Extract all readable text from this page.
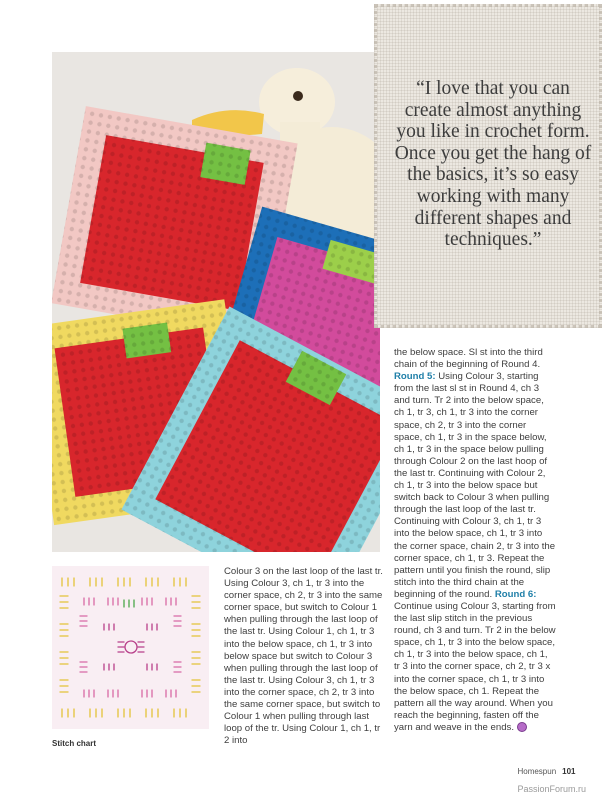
“I love that you can create almost anything you like in crochet form. Once you get the hang of the basics, it’s so easy working with many different shapes and techniques.”

the below space. Sl st into the third chain of the beginning of Round 4. Round 5: Using Colour 3, starting from the last sl st in Round 4, ch 3 and turn. Tr 2 into the below space, ch 1, tr 3, ch 1, tr 3 into the corner space, ch 2, tr 3 into the corner space, ch 1, tr 3 in the space below, ch 1, tr 3 in the space below pulling through Colour 2 on the last hoop of the last tr. Continuing with Colour 2, ch 1, tr 3 into the below space but switch back to Colour 3 when pulling through the last loop of the last tr. Continuing with Colour 3, ch 1, tr 3 into the below space, ch 1, tr 3 into the corner space, chain 2, tr 3 into the corner space, ch 1, tr 3. Repeat the pattern until you finish the round, slip stitch into the third chain at the beginning of the round. Round 6: Continue using Colour 3, starting from the last slip stitch in the previous round, ch 3 and turn. Tr 2 in the below space, ch 1, tr 3 into the below space, ch 1, tr 3 into the below space, ch 1, tr 3 into the corner space, ch 2, tr 3 x into the corner space, ch 1, tr 3 into the below space, ch 1. Repeat the pattern all the way around. When you reach the beginning, fasten off the yarn and weave in the ends.

Stitch chart

Colour 3 on the last loop of the last tr. Using Colour 3, ch 1, tr 3 into the corner space, ch 2, tr 3 into the same corner space, but switch to Colour 1 when pulling through the last loop of the last tr. Using Colour 1, ch 1, tr 3 into the below space, ch 1, tr 3 into below space but switch to Colour 3 when pulling through the last loop of the last tr. Using Colour 3, ch 1, tr 3 into the corner space, ch 2, tr 3 into the same corner space, but switch to Colour 1 when pulling through last loop of the tr. Using Colour 1, ch 1, tr 2 into

Homespun 101
PassionForum.ru
